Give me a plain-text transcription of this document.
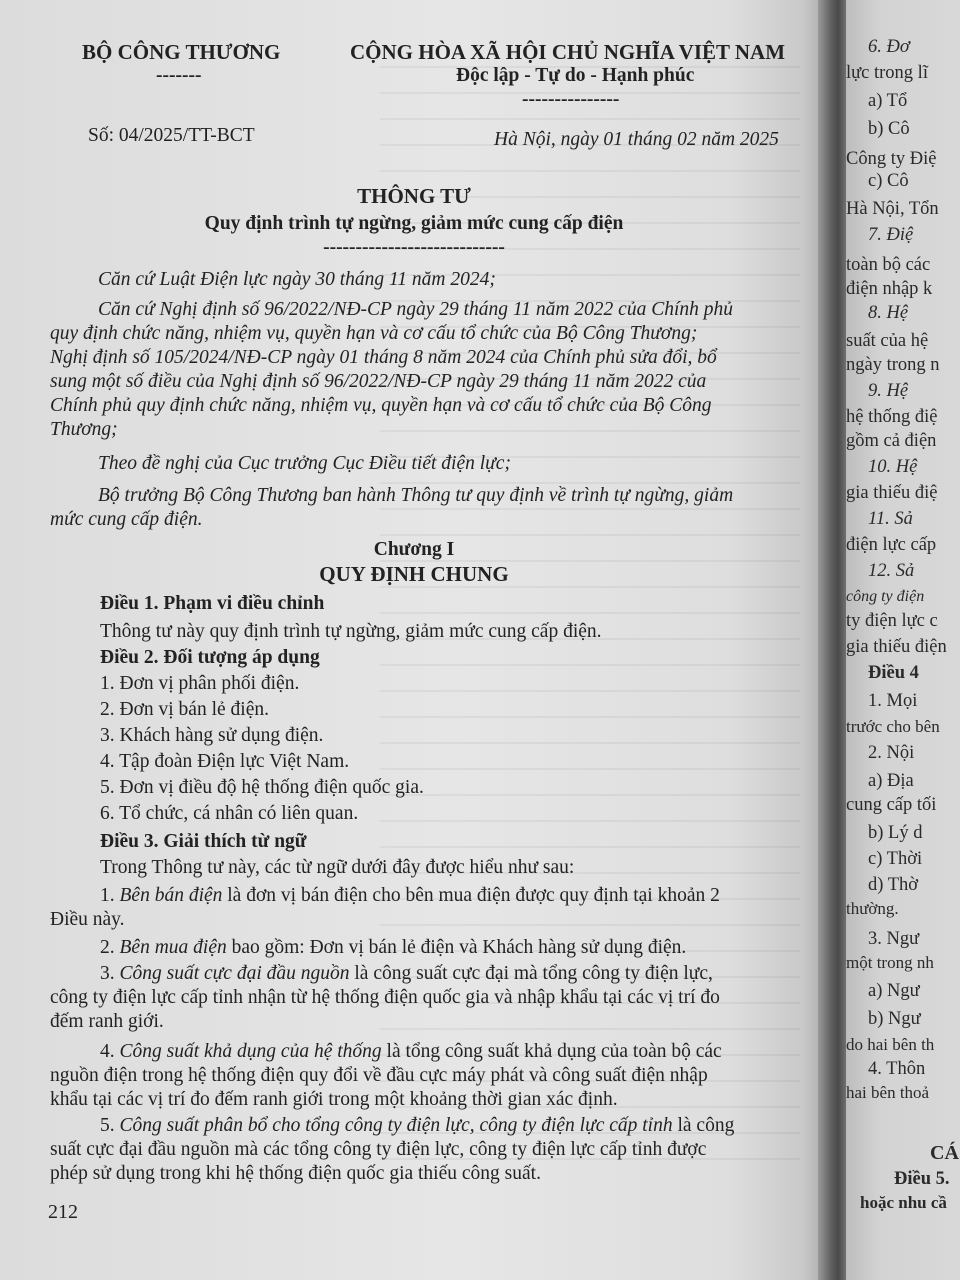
BỘ CÔNG THƯƠNG
-------
CỘNG HÒA XÃ HỘI CHỦ NGHĨA VIỆT NAM
Độc lập - Tự do - Hạnh phúc
---------------
Số: 04/2025/TT-BCT	Hà Nội, ngày 01 tháng 02 năm 2025
THÔNG TƯ
Quy định trình tự ngừng, giảm mức cung cấp điện
----------------------------
Căn cứ Luật Điện lực ngày 30 tháng 11 năm 2024;
Căn cứ Nghị định số 96/2022/NĐ-CP ngày 29 tháng 11 năm 2022 của Chính phủ
quy định chức năng, nhiệm vụ, quyền hạn và cơ cấu tổ chức của Bộ Công Thương;
Nghị định số 105/2024/NĐ-CP ngày 01 tháng 8 năm 2024 của Chính phủ sửa đổi, bổ
sung một số điều của Nghị định số 96/2022/NĐ-CP ngày 29 tháng 11 năm 2022 của
Chính phủ quy định chức năng, nhiệm vụ, quyền hạn và cơ cấu tổ chức của Bộ Công
Thương;
Theo đề nghị của Cục trưởng Cục Điều tiết điện lực;
Bộ trưởng Bộ Công Thương ban hành Thông tư quy định về trình tự ngừng, giảm
mức cung cấp điện.
Chương I
QUY ĐỊNH CHUNG
Điều 1. Phạm vi điều chỉnh
Thông tư này quy định trình tự ngừng, giảm mức cung cấp điện.
Điều 2. Đối tượng áp dụng
1. Đơn vị phân phối điện.
2. Đơn vị bán lẻ điện.
3. Khách hàng sử dụng điện.
4. Tập đoàn Điện lực Việt Nam.
5. Đơn vị điều độ hệ thống điện quốc gia.
6. Tổ chức, cá nhân có liên quan.
Điều 3. Giải thích từ ngữ
Trong Thông tư này, các từ ngữ dưới đây được hiểu như sau:
1. Bên bán điện là đơn vị bán điện cho bên mua điện được quy định tại khoản 2
Điều này.
2. Bên mua điện bao gồm: Đơn vị bán lẻ điện và Khách hàng sử dụng điện.
3. Công suất cực đại đầu nguồn là công suất cực đại mà tổng công ty điện lực,
công ty điện lực cấp tỉnh nhận từ hệ thống điện quốc gia và nhập khẩu tại các vị trí đo
đếm ranh giới.
4. Công suất khả dụng của hệ thống là tổng công suất khả dụng của toàn bộ các
nguồn điện trong hệ thống điện quy đổi về đầu cực máy phát và công suất điện nhập
khẩu tại các vị trí đo đếm ranh giới trong một khoảng thời gian xác định.
5. Công suất phân bổ cho tổng công ty điện lực, công ty điện lực cấp tỉnh là công
suất cực đại đầu nguồn mà các tổng công ty điện lực, công ty điện lực cấp tỉnh được
phép sử dụng trong khi hệ thống điện quốc gia thiếu công suất.
212
6. Đơ
lực trong lĩ
a) Tổ
b) Cô
Công ty Điệ
c) Cô
Hà Nội, Tổn
7. Điệ
toàn bộ các
điện nhập k
8. Hệ
suất của hệ
ngày trong n
9. Hệ
hệ thống điệ
gồm cả điện
10. Hệ
gia thiếu điệ
11. Sả
điện lực cấp
12. Sả
công ty điện
ty điện lực c
gia thiếu điện
Điều 4
1. Mọi
trước cho bên
2. Nội
a) Địa
cung cấp tối
b) Lý d
c) Thời
d) Thờ
thường.
3. Ngư
một trong nh
a) Ngư
b) Ngư
do hai bên th
4. Thôn
hai bên thoả
CÁ
Điều 5.
hoặc nhu cầ
